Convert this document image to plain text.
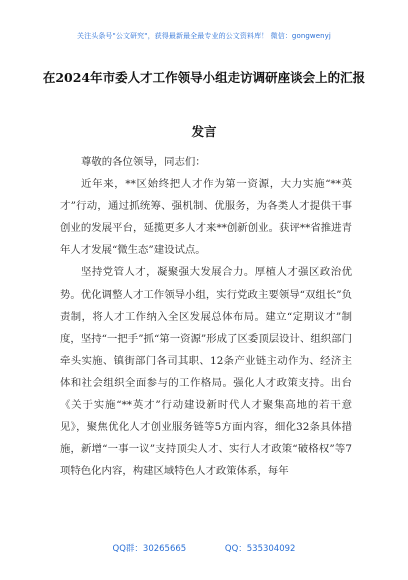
关注头条号"公文研究"，获得最新最全最专业的公文资料库！ 微信：gongwenyj
在2024年市委人才工作领导小组走访调研座谈会上的汇报
发言

尊敬的各位领导，同志们：

近年来，**区始终把人才作为第一资源，大力实施“**英才”行动，通过抓统筹、强机制、优服务，为各类人才提供干事创业的发展平台，延揽更多人才来**创新创业。获评**省推进青年人才发展“微生态”建设试点。

坚持党管人才，凝聚强大发展合力。厚植人才强区政治优势。优化调整人才工作领导小组，实行党政主要领导“双组长”负责制，将人才工作纳入全区发展总体布局。建立“定期议才”制度，坚持“一把手”抓“第一资源”形成了区委顶层设计、组织部门牵头实施、镇街部门各司其职、12条产业链主动作为、经济主体和社会组织全面参与的工作格局。强化人才政策支持。出台《关于实施“**英才”行动建设新时代人才聚集高地的若干意见》，聚焦优化人才创业服务链等5方面内容，细化32条具体措施，新增“一事一议”支持顶尖人才、实行人才政策“破格权”等7项特色化内容，构建区域特色人才政策体系，每年

QQ群：30265665	QQ：535304092
